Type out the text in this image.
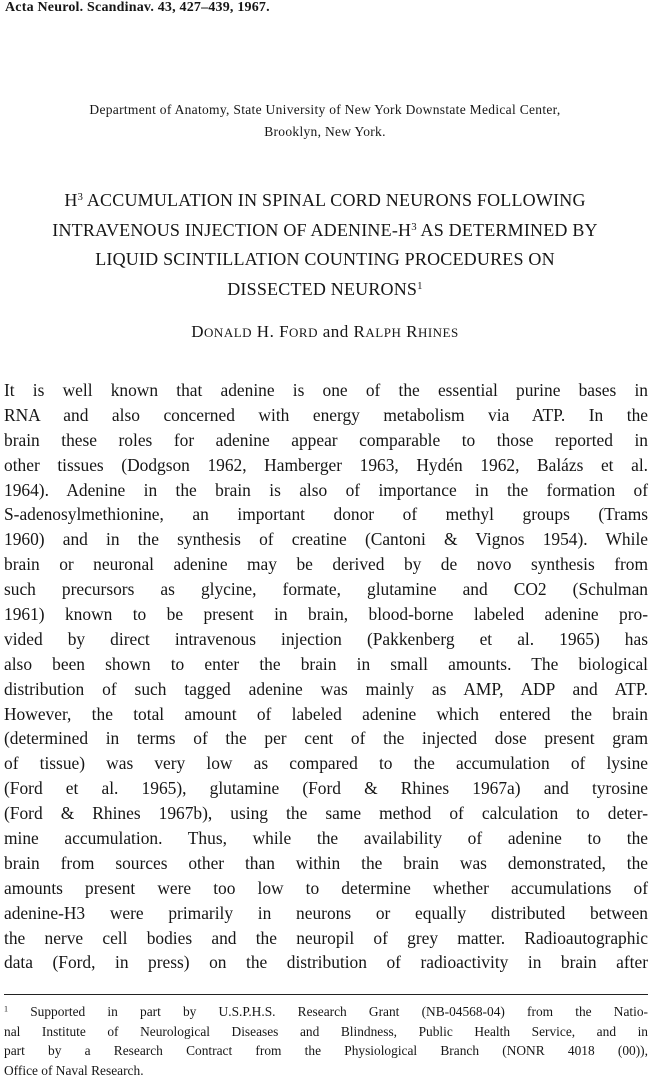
Acta Neurol. Scandinav. 43, 427–439, 1967.
Department of Anatomy, State University of New York Downstate Medical Center,
Brooklyn, New York.
$H^3$ ACCUMULATION IN SPINAL CORD NEURONS FOLLOWING
INTRAVENOUS INJECTION OF ADENINE-$H^3$ AS DETERMINED BY
LIQUID SCINTILLATION COUNTING PROCEDURES ON
DISSECTED NEURONS$^1$
DONALD H. FORD and RALPH RHINES
It is well known that adenine is one of the essential purine bases in
RNA and also concerned with energy metabolism via ATP. In the
brain these roles for adenine appear comparable to those reported in
other tissues (Dodgson 1962, Hamberger 1963, Hydén 1962, Balázs et al.
1964). Adenine in the brain is also of importance in the formation of
S-adenosylmethionine, an important donor of methyl groups (Trams
1960) and in the synthesis of creatine (Cantoni & Vignos 1954). While
brain or neuronal adenine may be derived by de novo synthesis from
such precursors as glycine, formate, glutamine and CO2 (Schulman
1961) known to be present in brain, blood-borne labeled adenine pro-
vided by direct intravenous injection (Pakkenberg et al. 1965) has
also been shown to enter the brain in small amounts. The biological
distribution of such tagged adenine was mainly as AMP, ADP and ATP.
However, the total amount of labeled adenine which entered the brain
(determined in terms of the per cent of the injected dose present gram
of tissue) was very low as compared to the accumulation of lysine
(Ford et al. 1965), glutamine (Ford & Rhines 1967a) and tyrosine
(Ford & Rhines 1967b), using the same method of calculation to deter-
mine accumulation. Thus, while the availability of adenine to the
brain from sources other than within the brain was demonstrated, the
amounts present were too low to determine whether accumulations of
adenine-H3 were primarily in neurons or equally distributed between
the nerve cell bodies and the neuropil of grey matter. Radioautographic
data (Ford, in press) on the distribution of radioactivity in brain after
$^1$ Supported in part by U.S.P.H.S. Research Grant (NB-04568-04) from the Natio-
nal Institute of Neurological Diseases and Blindness, Public Health Service, and in
part by a Research Contract from the Physiological Branch (NONR 4018 (00)),
Office of Naval Research.
